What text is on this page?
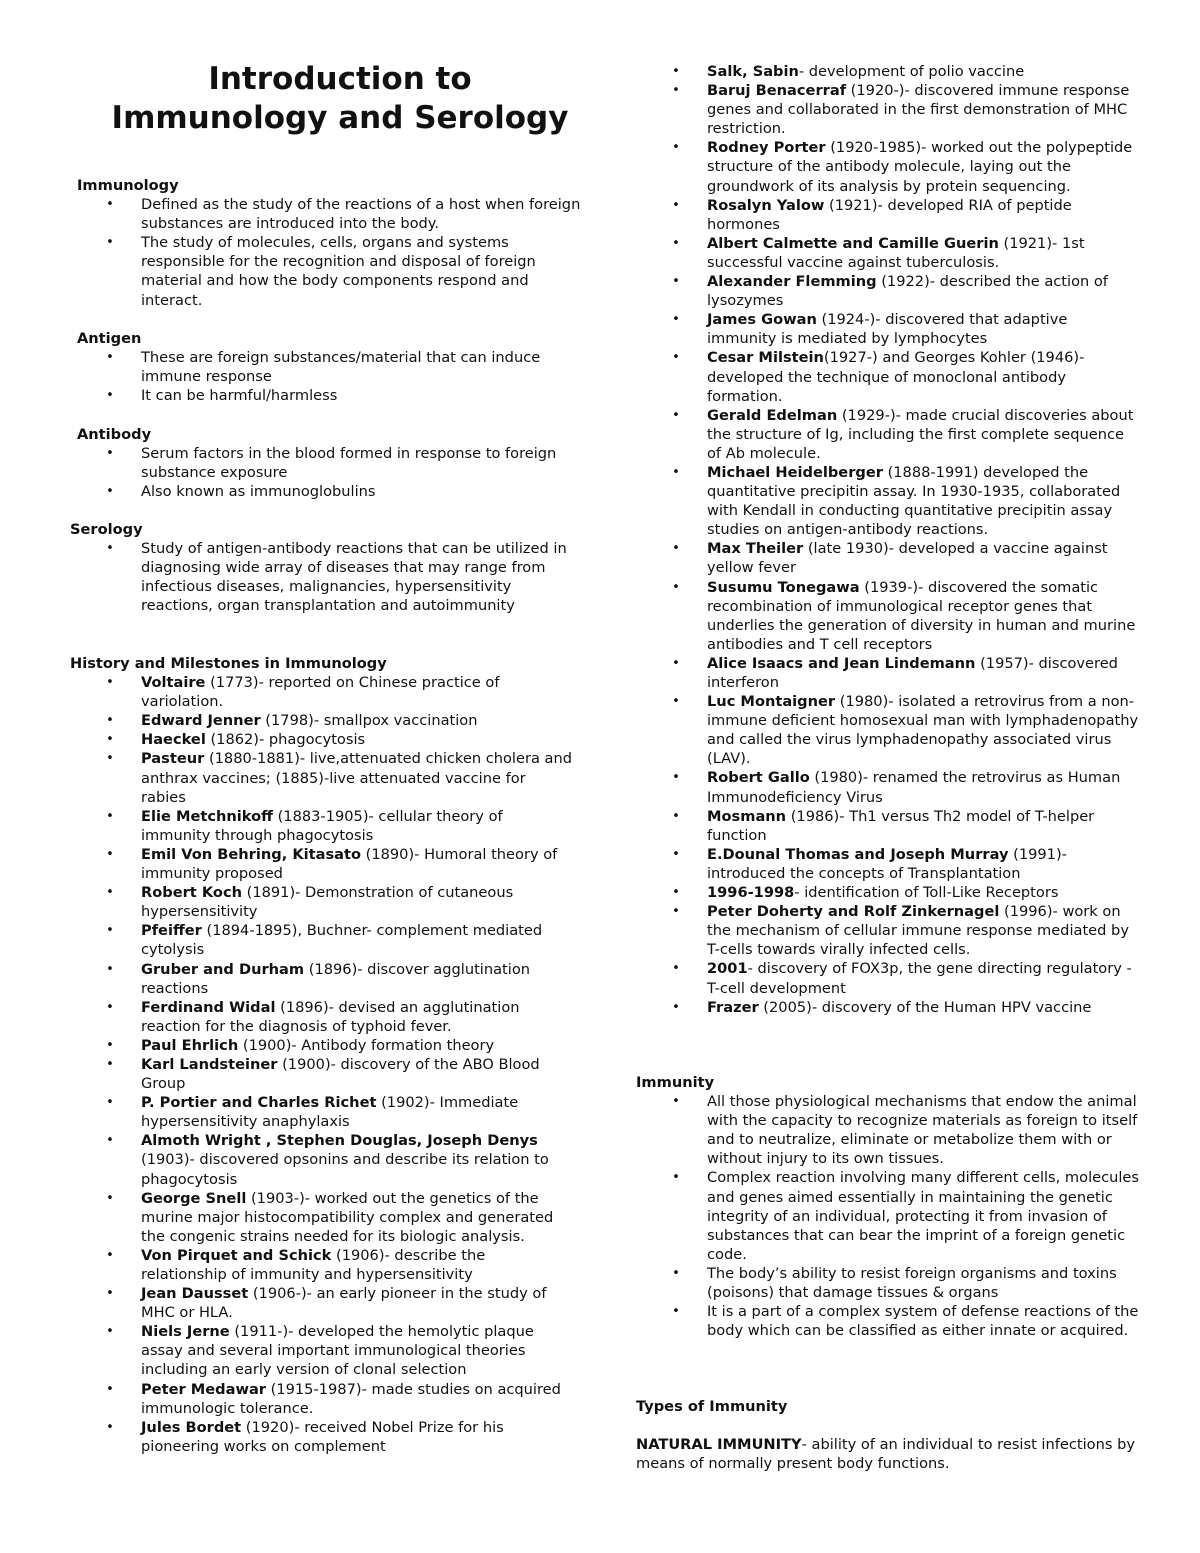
Introduction to
Immunology and Serology

Immunology

• Defined as the study of the reactions of a host when foreign substances are introduced into the body.
• The study of molecules, cells, organs and systems responsible for the recognition and disposal of foreign material and how the body components respond and interact.

Antigen

• These are foreign substances/material that can induce immune response
• It can be harmful/harmless

Antibody

• Serum factors in the blood formed in response to foreign substance exposure
• Also known as immunoglobulins

Serology

• Study of antigen-antibody reactions that can be utilized in diagnosing wide array of diseases that may range from infectious diseases, malignancies, hypersensitivity reactions, organ transplantation and autoimmunity

History and Milestones in Immunology

• Voltaire (1773)- reported on Chinese practice of variolation.
• Edward Jenner (1798)- smallpox vaccination
• Haeckel (1862)- phagocytosis
• Pasteur (1880-1881)- live,attenuated chicken cholera and anthrax vaccines; (1885)-live attenuated vaccine for rabies
• Elie Metchnikoff (1883-1905)- cellular theory of immunity through phagocytosis
• Emil Von Behring, Kitasato (1890)- Humoral theory of immunity proposed
• Robert Koch (1891)- Demonstration of cutaneous hypersensitivity
• Pfeiffer (1894-1895), Buchner- complement mediated cytolysis
• Gruber and Durham (1896)- discover agglutination reactions
• Ferdinand Widal (1896)- devised an agglutination reaction for the diagnosis of typhoid fever.
• Paul Ehrlich (1900)- Antibody formation theory
• Karl Landsteiner (1900)- discovery of the ABO Blood Group
• P. Portier and Charles Richet (1902)- Immediate hypersensitivity anaphylaxis
• Almoth Wright , Stephen Douglas, Joseph Denys (1903)- discovered opsonins and describe its relation to phagocytosis
• George Snell (1903-)- worked out the genetics of the murine major histocompatibility complex and generated the congenic strains needed for its biologic analysis.
• Von Pirquet and Schick (1906)- describe the relationship of immunity and hypersensitivity
• Jean Dausset (1906-)- an early pioneer in the study of MHC or HLA.
• Niels Jerne (1911-)- developed the hemolytic plaque assay and several important immunological theories including an early version of clonal selection
• Peter Medawar (1915-1987)- made studies on acquired immunologic tolerance.
• Jules Bordet (1920)- received Nobel Prize for his pioneering works on complement
• Salk, Sabin- development of polio vaccine
• Baruj Benacerraf (1920-)- discovered immune response genes and collaborated in the first demonstration of MHC restriction.
• Rodney Porter (1920-1985)- worked out the polypeptide structure of the antibody molecule, laying out the groundwork of its analysis by protein sequencing.
• Rosalyn Yalow (1921)- developed RIA of peptide hormones
• Albert Calmette and Camille Guerin (1921)- 1st successful vaccine against tuberculosis.
• Alexander Flemming (1922)- described the action of lysozymes
• James Gowan (1924-)- discovered that adaptive immunity is mediated by lymphocytes
• Cesar Milstein(1927-) and Georges Kohler (1946)- developed the technique of monoclonal antibody formation.
• Gerald Edelman (1929-)- made crucial discoveries about the structure of Ig, including the first complete sequence of Ab molecule.
• Michael Heidelberger (1888-1991) developed the quantitative precipitin assay. In 1930-1935, collaborated with Kendall in conducting quantitative precipitin assay studies on antigen-antibody reactions.
• Max Theiler (late 1930)- developed a vaccine against yellow fever
• Susumu Tonegawa (1939-)- discovered the somatic recombination of immunological receptor genes that underlies the generation of diversity in human and murine antibodies and T cell receptors
• Alice Isaacs and Jean Lindemann (1957)- discovered interferon
• Luc Montaigner (1980)- isolated a retrovirus from a non-immune deficient homosexual man with lymphadenopathy and called the virus lymphadenopathy associated virus (LAV).
• Robert Gallo (1980)- renamed the retrovirus as Human Immunodeficiency Virus
• Mosmann (1986)- Th1 versus Th2 model of T-helper function
• E.Dounal Thomas and Joseph Murray (1991)- introduced the concepts of Transplantation
• 1996-1998- identification of Toll-Like Receptors
• Peter Doherty and Rolf Zinkernagel (1996)- work on the mechanism of cellular immune response mediated by T-cells towards virally infected cells.
• 2001- discovery of FOX3p, the gene directing regulatory -T-cell development
• Frazer (2005)- discovery of the Human HPV vaccine

Immunity

• All those physiological mechanisms that endow the animal with the capacity to recognize materials as foreign to itself and to neutralize, eliminate or metabolize them with or without injury to its own tissues.
• Complex reaction involving many different cells, molecules and genes aimed essentially in maintaining the genetic integrity of an individual, protecting it from invasion of substances that can bear the imprint of a foreign genetic code.
• The body’s ability to resist foreign organisms and toxins (poisons) that damage tissues & organs
• It is a part of a complex system of defense reactions of the body which can be classified as either innate or acquired.

Types of Immunity

NATURAL IMMUNITY- ability of an individual to resist infections by means of normally present body functions.
